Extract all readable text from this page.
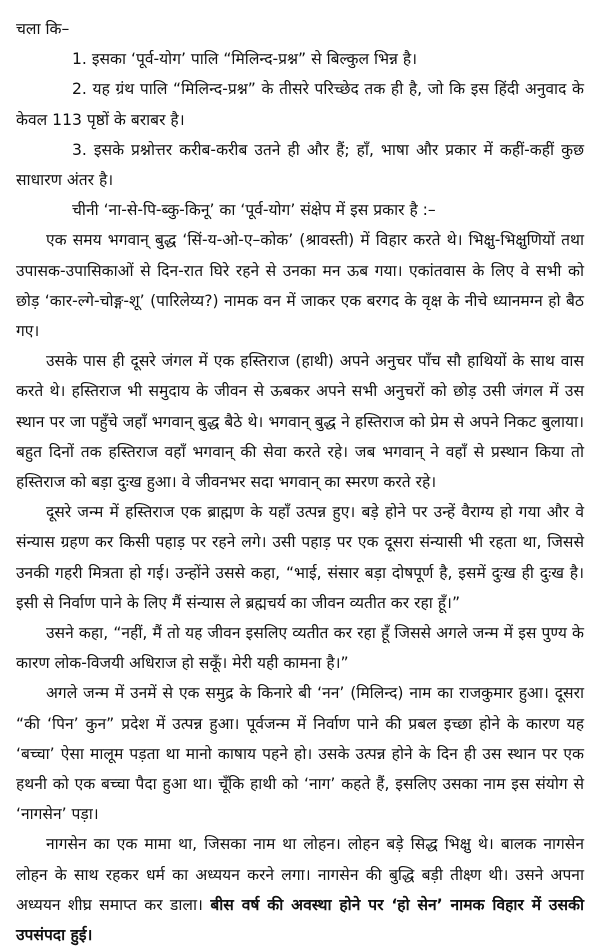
चला कि–

1. इसका ‘पूर्व-योग’ पालि “मिलिन्द-प्रश्न” से बिल्कुल भिन्न है।

2. यह ग्रंथ पालि “मिलिन्द-प्रश्न” के तीसरे परिच्छेद तक ही है, जो कि इस हिंदी अनुवाद के केवल 113 पृष्ठों के बराबर है।

3. इसके प्रश्नोत्तर करीब-करीब उतने ही और हैं; हाँ, भाषा और प्रकार में कहीं-कहीं कुछ साधारण अंतर है।

चीनी ‘ना-से-पि-ब्कु-किनू’ का ‘पूर्व-योग’ संक्षेप में इस प्रकार है :–

एक समय भगवान् बुद्ध ‘सिं-य-ओ-ए–कोक’ (श्रावस्ती) में विहार करते थे। भिक्षु-भिक्षुणियों तथा उपासक-उपासिकाओं से दिन-रात घिरे रहने से उनका मन ऊब गया। एकांतवास के लिए वे सभी को छोड़ ‘कार-ल्गे-चोङ्ग-शू’ (पारिलेय्य?) नामक वन में जाकर एक बरगद के वृक्ष के नीचे ध्यानमग्न हो बैठ गए।

उसके पास ही दूसरे जंगल में एक हस्तिराज (हाथी) अपने अनुचर पाँच सौ हाथियों के साथ वास करते थे। हस्तिराज भी समुदाय के जीवन से ऊबकर अपने सभी अनुचरों को छोड़ उसी जंगल में उस स्थान पर जा पहुँचे जहाँ भगवान् बुद्ध बैठे थे। भगवान् बुद्ध ने हस्तिराज को प्रेम से अपने निकट बुलाया। बहुत दिनों तक हस्तिराज वहाँ भगवान् की सेवा करते रहे। जब भगवान् ने वहाँ से प्रस्थान किया तो हस्तिराज को बड़ा दुःख हुआ। वे जीवनभर सदा भगवान् का स्मरण करते रहे।

दूसरे जन्म में हस्तिराज एक ब्राह्मण के यहाँ उत्पन्न हुए। बड़े होने पर उन्हें वैराग्य हो गया और वे संन्यास ग्रहण कर किसी पहाड़ पर रहने लगे। उसी पहाड़ पर एक दूसरा संन्यासी भी रहता था, जिससे उनकी गहरी मित्रता हो गई। उन्होंने उससे कहा, “भाई, संसार बड़ा दोषपूर्ण है, इसमें दुःख ही दुःख है। इसी से निर्वाण पाने के लिए मैं संन्यास ले ब्रह्मचर्य का जीवन व्यतीत कर रहा हूँ।”

उसने कहा, “नहीं, मैं तो यह जीवन इसलिए व्यतीत कर रहा हूँ जिससे अगले जन्म में इस पुण्य के कारण लोक-विजयी अधिराज हो सकूँ। मेरी यही कामना है।”

अगले जन्म में उनमें से एक समुद्र के किनारे बी ‘नन’ (मिलिन्द) नाम का राजकुमार हुआ। दूसरा “की ‘पिन’ कुन” प्रदेश में उत्पन्न हुआ। पूर्वजन्म में निर्वाण पाने की प्रबल इच्छा होने के कारण यह ‘बच्चा’ ऐसा मालूम पड़ता था मानो काषाय पहने हो। उसके उत्पन्न होने के दिन ही उस स्थान पर एक हथनी को एक बच्चा पैदा हुआ था। चूँकि हाथी को ‘नाग’ कहते हैं, इसलिए उसका नाम इस संयोग से ‘नागसेन’ पड़ा।

नागसेन का एक मामा था, जिसका नाम था लोहन। लोहन बड़े सिद्ध भिक्षु थे। बालक नागसेन लोहन के साथ रहकर धर्म का अध्ययन करने लगा। नागसेन की बुद्धि बड़ी तीक्ष्ण थी। उसने अपना अध्ययन शीघ्र समाप्त कर डाला। बीस वर्ष की अवस्था होने पर ‘हो सेन’ नामक विहार में उसकी उपसंपदा हुई।
